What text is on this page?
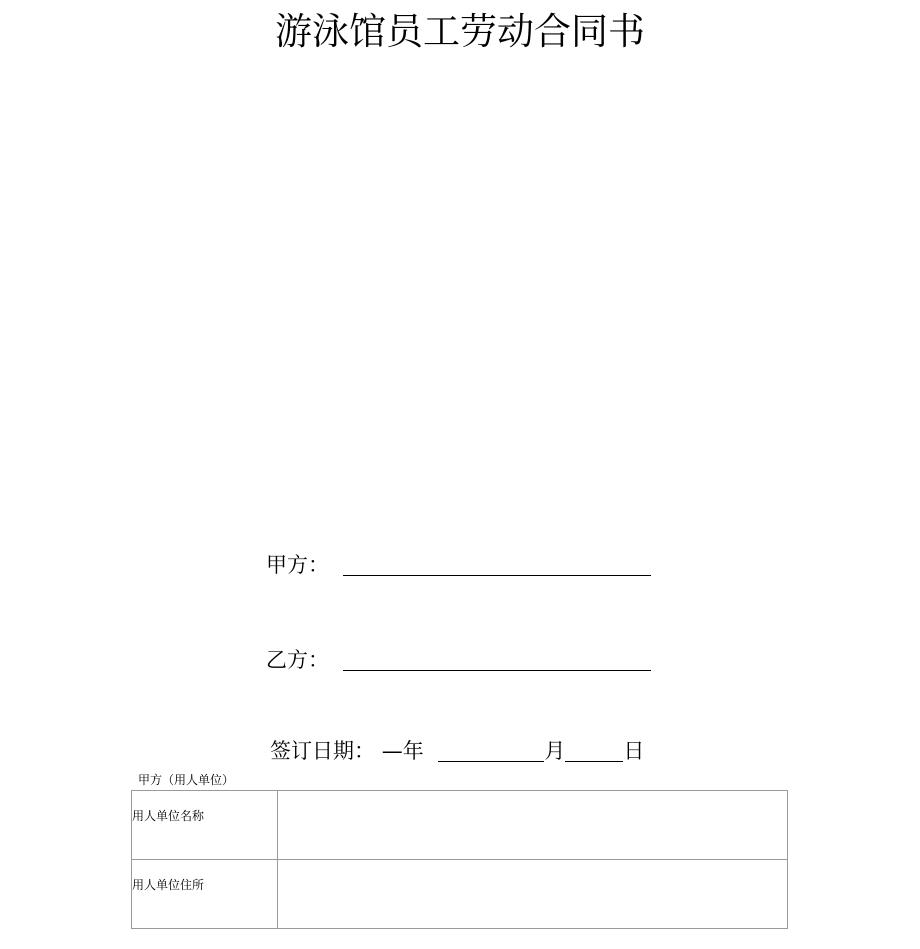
游泳馆员工劳动合同书
甲方：
乙方：
签订日期： —年	月	日
甲方（用人单位）
用人单位名称	
用人单位住所	
